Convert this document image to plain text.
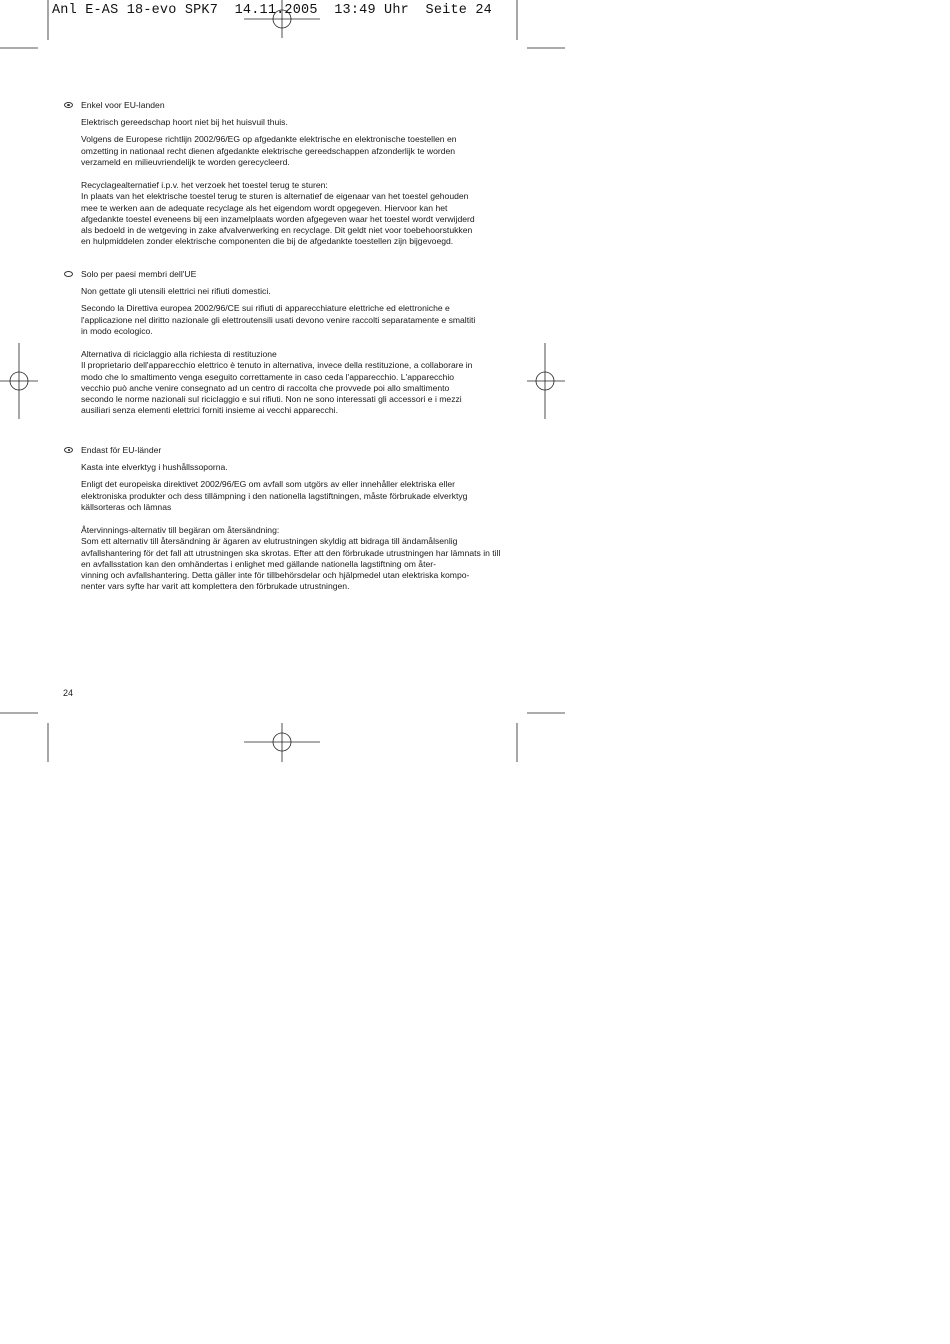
Anl E-AS 18-evo SPK7  14.11.2005  13:49 Uhr  Seite 24
Enkel voor EU-landen
Elektrisch gereedschap hoort niet bij het huisvuil thuis.
Volgens de Europese richtlijn 2002/96/EG op afgedankte elektrische en elektronische toestellen en
omzetting in nationaal recht dienen afgedankte elektrische gereedschappen afzonderlijk te worden
verzameld en milieuvriendelijk te worden gerecycleerd.

Recyclagealternatief i.p.v. het verzoek het toestel terug te sturen:
In plaats van het elektrische toestel terug te sturen is alternatief de eigenaar van het toestel gehouden
mee te werken aan de adequate recyclage als het eigendom wordt opgegeven. Hiervoor kan het
afgedankte toestel eveneens bij een inzamelplaats worden afgegeven waar het toestel wordt verwijderd
als bedoeld in de wetgeving in zake afvalverwerking en recyclage. Dit geldt niet voor toebehoorstukken
en hulpmiddelen zonder elektrische componenten die bij de afgedankte toestellen zijn bijgevoegd.
Solo per paesi membri dell'UE
Non gettate gli utensili elettrici nei rifiuti domestici.
Secondo la Direttiva europea 2002/96/CE sui rifiuti di apparecchiature elettriche ed elettroniche e
l'applicazione nel diritto nazionale gli elettroutensili usati devono venire raccolti separatamente e smaltiti
in modo ecologico.

Alternativa di riciclaggio alla richiesta di restituzione
Il proprietario dell'apparecchio elettrico è tenuto in alternativa, invece della restituzione, a collaborare in
modo che lo smaltimento venga eseguito correttamente in caso ceda l'apparecchio. L'apparecchio
vecchio può anche venire consegnato ad un centro di raccolta che provvede poi allo smaltimento
secondo le norme nazionali sul riciclaggio e sui rifiuti. Non ne sono interessati gli accessori e i mezzi
ausiliari senza elementi elettrici forniti insieme ai vecchi apparecchi.
Endast för EU-länder
Kasta inte elverktyg i hushållssoporna.
Enligt det europeiska direktivet 2002/96/EG om avfall som utgörs av eller innehåller elektriska eller
elektroniska produkter och dess tillämpning i den nationella lagstiftningen, måste förbrukade elverktyg
källsorteras och lämnas

Återvinnings-alternativ till begäran om återsändning:
Som ett alternativ till återsändning är ägaren av elutrustningen skyldig att bidraga till ändamålsenlig
avfallshantering för det fall att utrustningen ska skrotas. Efter att den förbrukade utrustningen har lämnats in till en avfallsstation kan den omhändertas i enlighet med gällande nationella lagstiftning om åter-
vinning och avfallshantering. Detta gäller inte för tillbehörsdelar och hjälpmedel utan elektriska kompo-
nenter vars syfte har varit att komplettera den förbrukade utrustningen.
24
